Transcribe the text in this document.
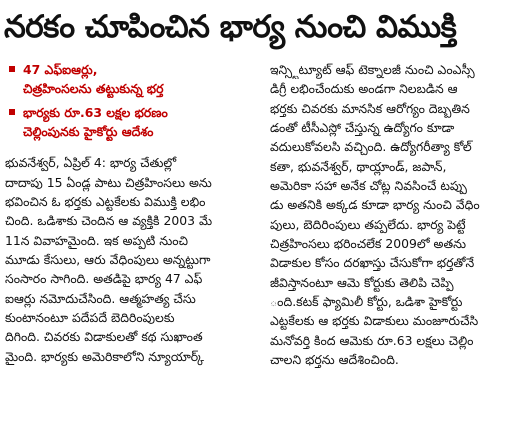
నరకం చూపించిన భార్య నుంచి విముక్తి
47 ఎఫ్ఐఆర్లు,
చిత్రహింసలను తట్టుకున్న భర్త
భార్యకు రూ.63 లక్షల భరణం
చెల్లింపునకు హైకోర్టు ఆదేశం
భువనేశ్వర్, ఏప్రిల్ 4: భార్య చేతుల్లో
దాదాపు 15 ఏండ్ల పాటు చిత్రహింసలు అను
భవించిన ఓ భర్తకు ఎట్టకేలకు విముక్తి లభిం
చింది. ఒడిశాకు చెందిన ఆ వ్యక్తికి 2003 మే
11న వివాహమైంది. ఇక అప్పటి నుంచి
మూడు కేసులు, ఆరు వేధింపులు అన్నట్టుగా
సంసారం సాగింది. అతడిపై భార్య 47 ఎఫ్
ఐఆర్లు నమోదుచేసింది. ఆత్మహత్య చేసు
కుంటానంటూ పదేపదే బెదిరింపులకు
దిగింది. చివరకు విడాకులతో కథ సుఖాంత
మైంది. భార్యకు అమెరికాలోని న్యూయార్క్
ఇన్స్టిట్యూట్ ఆఫ్ టెక్నాలజీ నుంచి ఎంఎస్సీ
డిగ్రీ లభించేందుకు అండగా నిలబడిన ఆ
భర్తకు చివరకు మానసిక ఆరోగ్యం దెబ్బతిన
డంతో టీసీఎస్లో చేస్తున్న ఉద్యోగం కూడా
వదులుకోవలసి వచ్చింది. ఉద్యోగరీత్యా కోల్
కతా, భువనేశ్వర్, థాయ్లాండ్, జపాన్,
అమెరికా సహా అనేక చోట్ల నివసించే టప్పు
డు అతనికి అక్కడ కూడా భార్య నుంచి వేధిం
పులు, బెదిరింపులు తప్పలేదు. భార్య పెట్టే
చిత్రహింసలు భరించలేక 2009లో అతను
విడాకుల కోసం దరఖాస్తు చేసుకోగా భర్తతోనే
జీవిస్తానంటూ ఆమె కోర్టుకు తెలిపి చెప్పి
ంది.కటక్ ఫ్యామిలీ కోర్టు, ఒడిశా హైకోర్టు
ఎట్టకేలకు ఆ భర్తకు విడాకులు మంజూరుచేసి
మనోవర్తి కింద ఆమెకు రూ.63 లక్షలు చెల్లిం
చాలని భర్తను ఆదేశించింది.
